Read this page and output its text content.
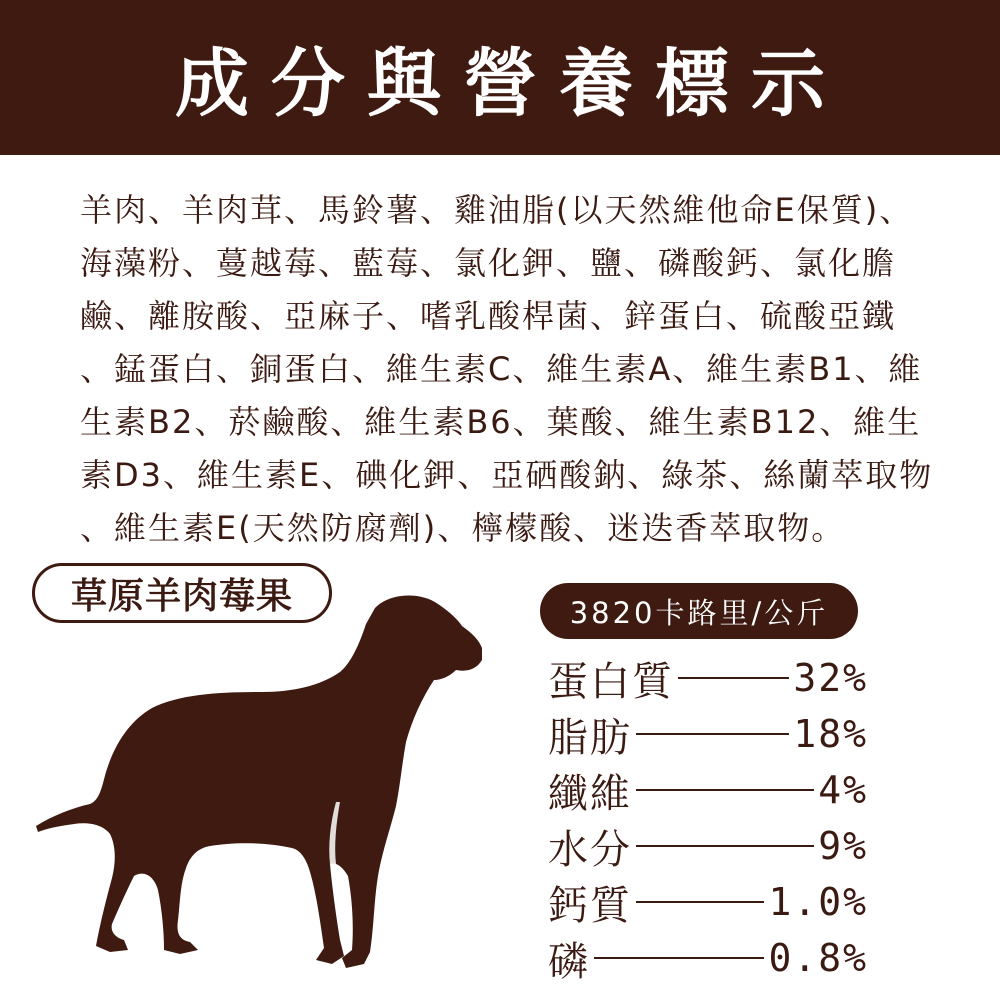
成分與營養標示
羊肉、羊肉茸、馬鈴薯、雞油脂(以天然維他命E保質)、
海藻粉、蔓越莓、藍莓、氯化鉀、鹽、磷酸鈣、氯化膽
鹼、離胺酸、亞麻子、嗜乳酸桿菌、鋅蛋白、硫酸亞鐵
、錳蛋白、銅蛋白、維生素C、維生素A、維生素B1、維
生素B2、菸鹼酸、維生素B6、葉酸、維生素B12、維生
素D3、維生素E、碘化鉀、亞硒酸鈉、綠茶、絲蘭萃取物
、維生素E(天然防腐劑)、檸檬酸、迷迭香萃取物。
草原羊肉莓果	3820卡路里/公斤
蛋白質	32%
脂肪	18%
纖維	4%
水分	9%
鈣質	1.0%
磷	0.8%
